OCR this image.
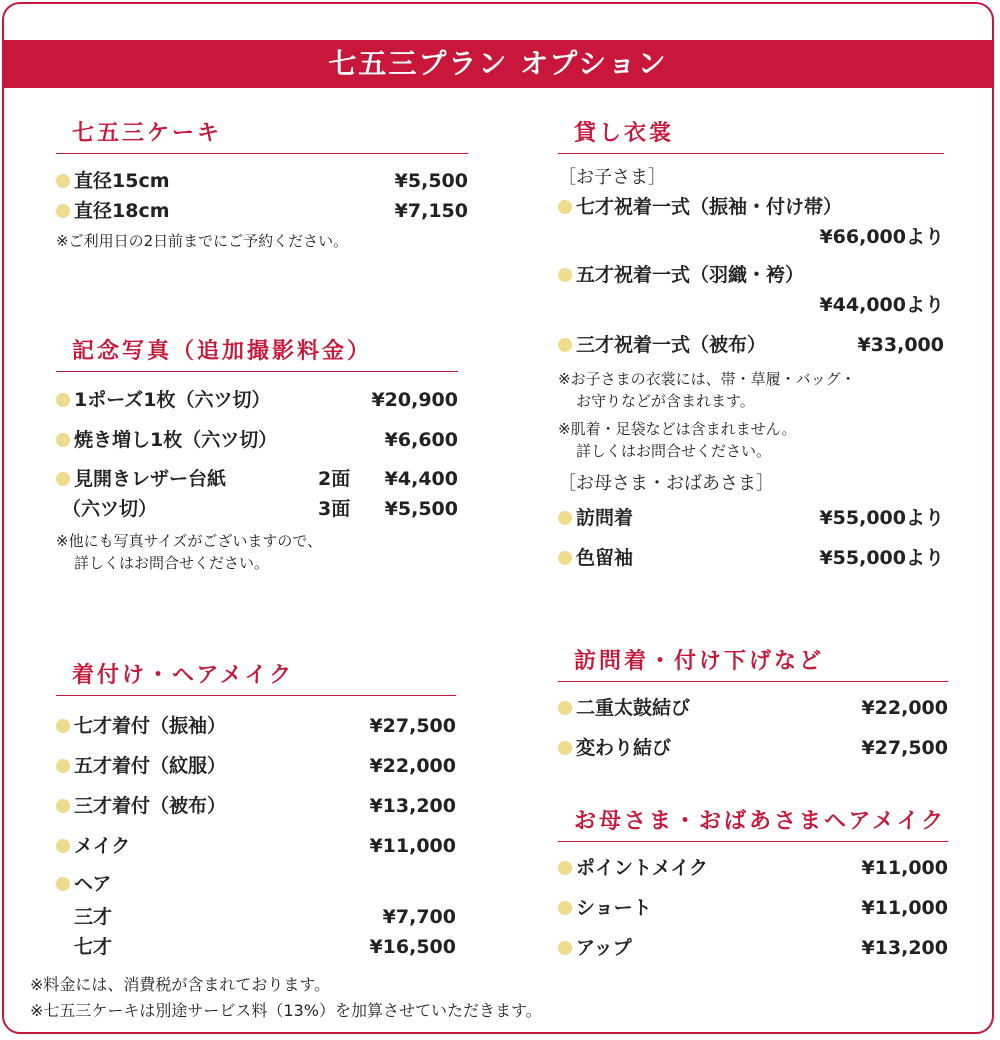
七五三プラン オプション
七五三ケーキ
直径15cm	¥5,500
直径18cm	¥7,150
※ご利用日の2日前までにご予約ください。
記念写真（追加撮影料金）
1ポーズ1枚（六ツ切）	¥20,900
焼き増し1枚（六ツ切）	¥6,600
見開きレザー台紙	2面 ¥4,400
（六ツ切）	3面 ¥5,500
※他にも写真サイズがございますので、
詳しくはお問合せください。
着付け・ヘアメイク
七才着付（振袖）	¥27,500
五才着付（紋服）	¥22,000
三才着付（被布）	¥13,200
メイク	¥11,000
ヘア
三才	¥7,700
七才	¥16,500
貸し衣裳
［お子さま］
七才祝着一式（振袖・付け帯）
¥66,000より
五才祝着一式（羽織・袴）
¥44,000より
三才祝着一式（被布）	¥33,000
※お子さまの衣裳には、帯・草履・バッグ・
お守りなどが含まれます。
※肌着・足袋などは含まれません。
詳しくはお問合せください。
［お母さま・おばあさま］
訪問着	¥55,000より
色留袖	¥55,000より
訪問着・付け下げなど
二重太鼓結び	¥22,000
変わり結び	¥27,500
お母さま・おばあさまヘアメイク
ポイントメイク	¥11,000
ショート	¥11,000
アップ	¥13,200
※料金には、消費税が含まれております。
※七五三ケーキは別途サービス料（13%）を加算させていただきます。
